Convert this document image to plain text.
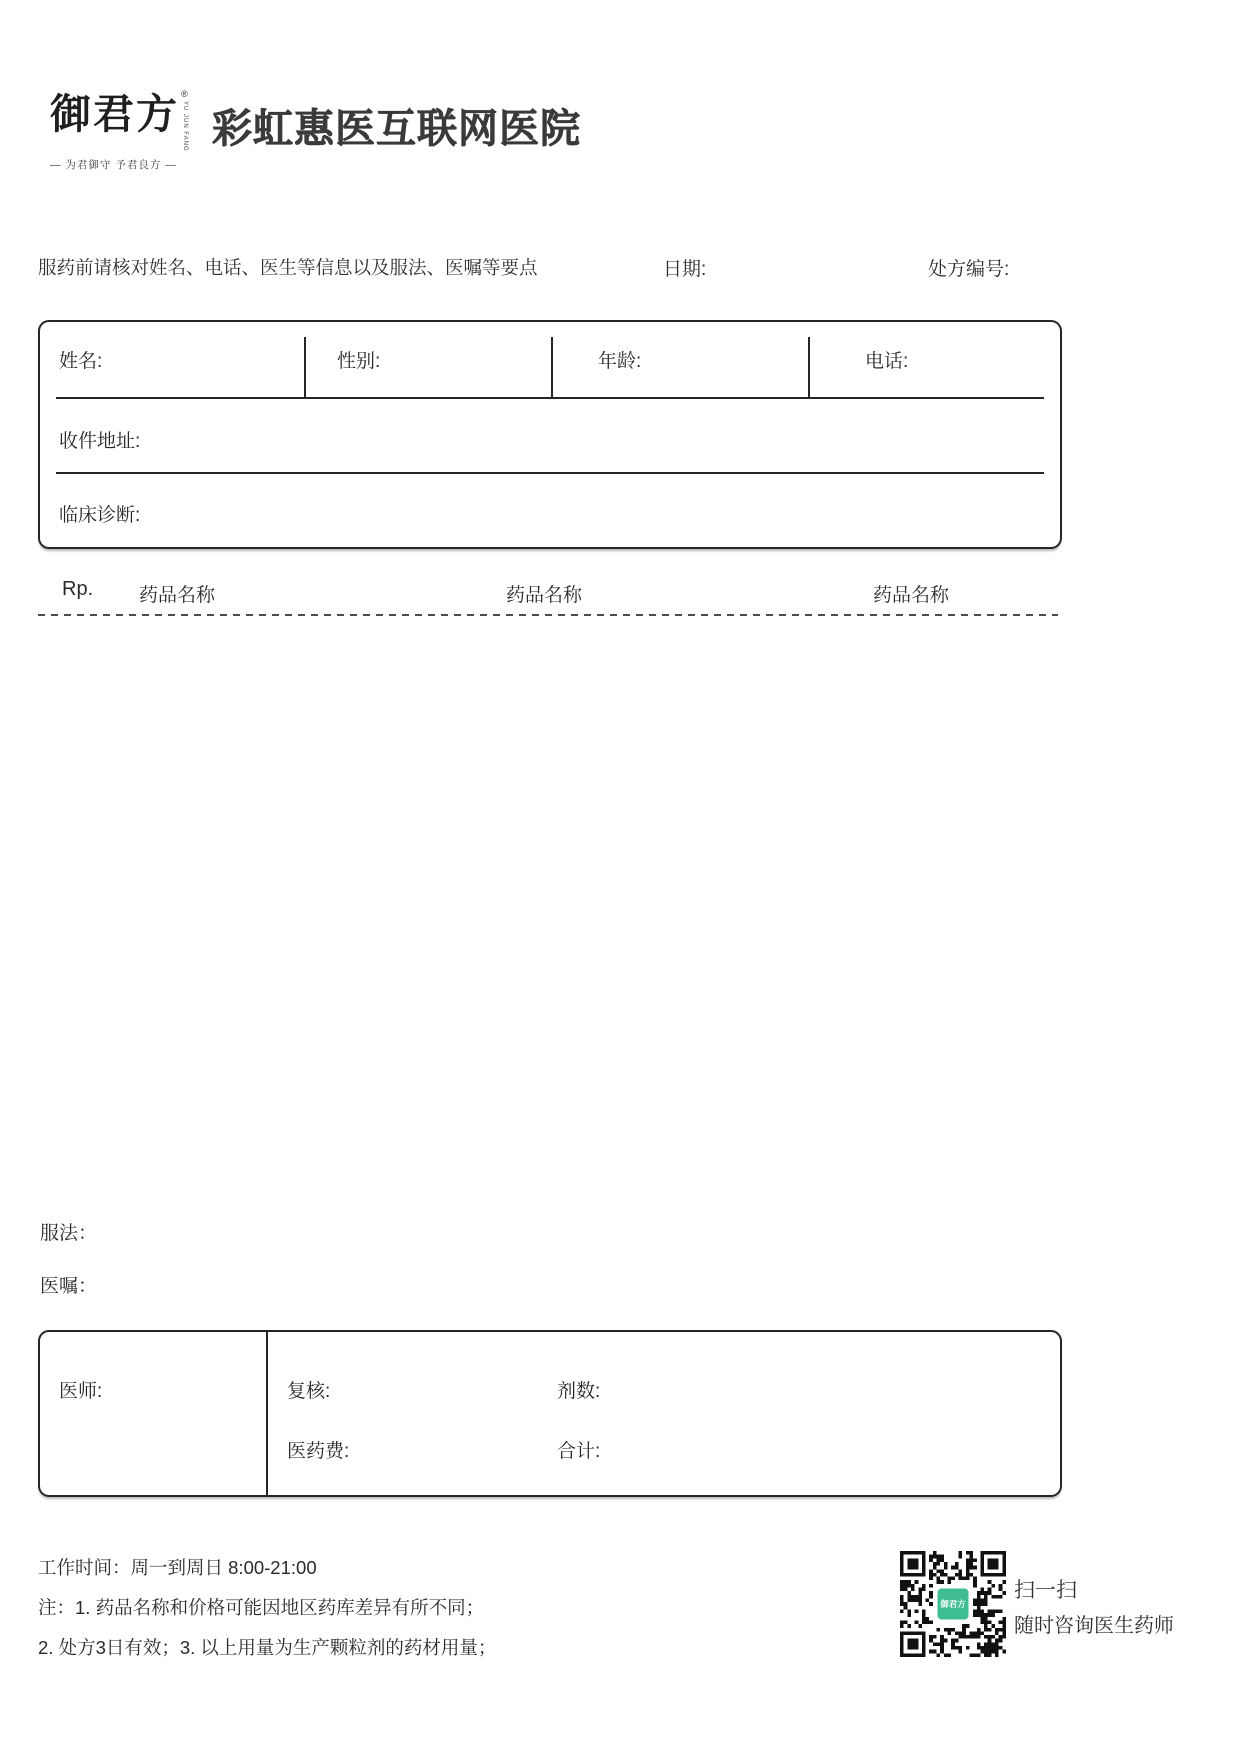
御君方 ®
YU JUN FANG
— 为君御守 予君良方 —
彩虹惠医互联网医院
服药前请核对姓名、电话、医生等信息以及服法、医嘱等要点	日期:	处方编号:
姓名:	性别:	年龄:	电话:
收件地址:
临床诊断:
Rp. 药品名称	药品名称	药品名称
服法：
医嘱：
医师:	复核:	剂数:
医药费:	合计:
工作时间：周一到周日 8:00-21:00
注：1. 药品名称和价格可能因地区药库差异有所不同；
2. 处方3日有效；3. 以上用量为生产颗粒剂的药材用量；
御君方
扫一扫
随时咨询医生药师
